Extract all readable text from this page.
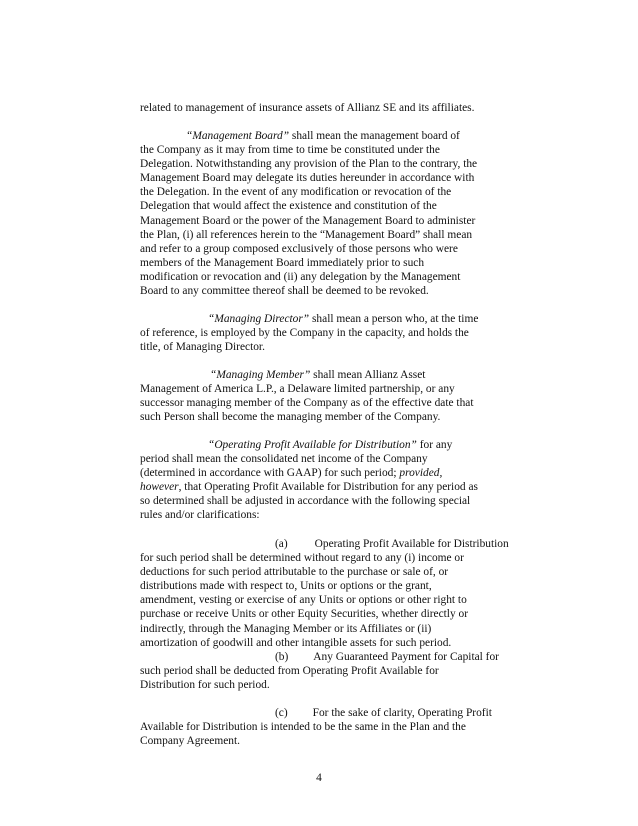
related to management of insurance assets of Allianz SE and its affiliates.
“Management Board” shall mean the management board of
the Company as it may from time to time be constituted under the
Delegation. Notwithstanding any provision of the Plan to the contrary, the
Management Board may delegate its duties hereunder in accordance with
the Delegation. In the event of any modification or revocation of the
Delegation that would affect the existence and constitution of the
Management Board or the power of the Management Board to administer
the Plan, (i) all references herein to the “Management Board” shall mean
and refer to a group composed exclusively of those persons who were
members of the Management Board immediately prior to such
modification or revocation and (ii) any delegation by the Management
Board to any committee thereof shall be deemed to be revoked.
“Managing Director” shall mean a person who, at the time
of reference, is employed by the Company in the capacity, and holds the
title, of Managing Director.
“Managing Member” shall mean Allianz Asset
Management of America L.P., a Delaware limited partnership, or any
successor managing member of the Company as of the effective date that
such Person shall become the managing member of the Company.
“Operating Profit Available for Distribution” for any
period shall mean the consolidated net income of the Company
(determined in accordance with GAAP) for such period; provided,
however, that Operating Profit Available for Distribution for any period as
so determined shall be adjusted in accordance with the following special
rules and/or clarifications:
(a) Operating Profit Available for Distribution
for such period shall be determined without regard to any (i) income or
deductions for such period attributable to the purchase or sale of, or
distributions made with respect to, Units or options or the grant,
amendment, vesting or exercise of any Units or options or other right to
purchase or receive Units or other Equity Securities, whether directly or
indirectly, through the Managing Member or its Affiliates or (ii)
amortization of goodwill and other intangible assets for such period.
(b) Any Guaranteed Payment for Capital for
such period shall be deducted from Operating Profit Available for
Distribution for such period.
(c) For the sake of clarity, Operating Profit
Available for Distribution is intended to be the same in the Plan and the
Company Agreement.
4
